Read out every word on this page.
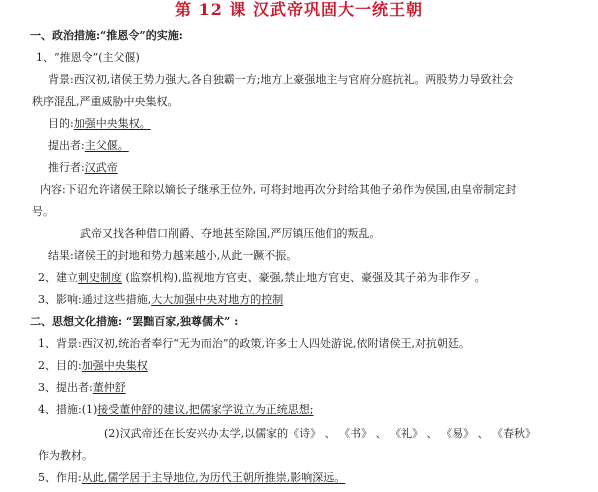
第 12 课 汉武帝巩固大一统王朝
一、政治措施:“推恩令”的实施:
1、“推恩令”(主父偃)
背景:西汉初,诸侯王势力强大,各自独霸一方;地方上豪强地主与官府分庭抗礼。两股势力导致社会
秩序混乱,严重威胁中央集权。
目的:加强中央集权。
提出者:主父偃。
推行者:汉武帝
内容:下诏允许诸侯王除以嫡长子继承王位外, 可将封地再次分封给其他子弟作为侯国,由皇帝制定封
号。
武帝又找各种借口削爵、夺地甚至除国,严厉镇压他们的叛乱。
结果:诸侯王的封地和势力越来越小,从此一蹶不振。
2、建立刺史制度 (监察机构),监视地方官吏、豪强,禁止地方官吏、豪强及其子弟为非作歹 。
3、影响:通过这些措施,大大加强中央对地方的控制
二、思想文化措施: “罢黜百家,独尊儒术” :
1、背景:西汉初,统治者奉行“无为而治”的政策,许多士人四处游说,依附诸侯王,对抗朝廷。
2、目的:加强中央集权
3、提出者:董仲舒
4、措施:(1)接受董仲舒的建议,把儒家学说立为正统思想;
(2)汉武帝还在长安兴办太学,以儒家的《诗》 、 《书》 、 《礼》 、 《易》 、 《春秋》
作为教材。
5、作用:从此,儒学居于主导地位,为历代王朝所推崇,影响深远。
